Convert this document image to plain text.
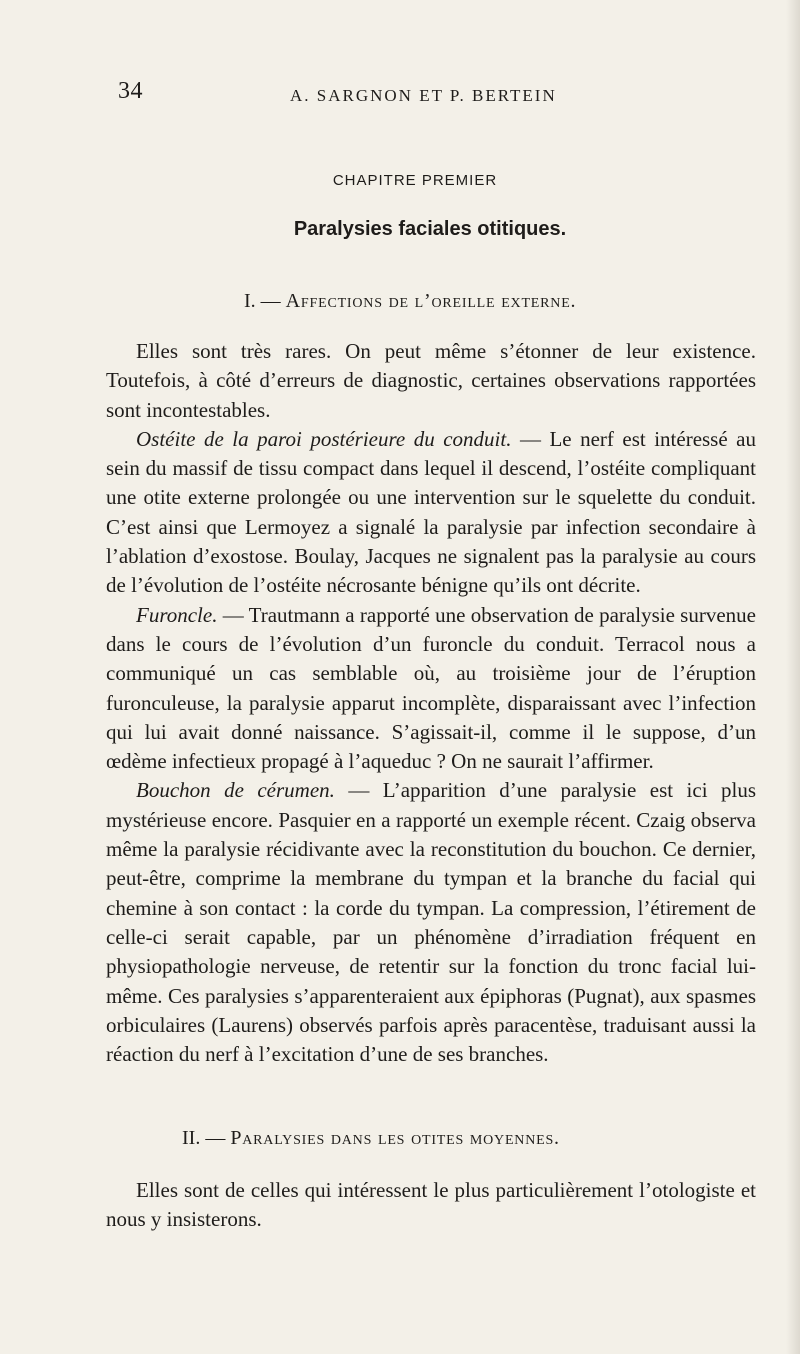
34	A. SARGNON ET P. BERTEIN
CHAPITRE PREMIER
Paralysies faciales otitiques.
I. — Affections de l’oreille externe.

Elles sont très rares. On peut même s’étonner de leur existence. Toutefois, à côté d’erreurs de diagnostic, certaines observations rapportées sont incontestables.

Ostéite de la paroi postérieure du conduit. — Le nerf est intéressé au sein du massif de tissu compact dans lequel il descend, l’ostéite compliquant une otite externe prolongée ou une intervention sur le squelette du conduit. C’est ainsi que Lermoyez a signalé la paralysie par infection secondaire à l’ablation d’exostose. Boulay, Jacques ne signalent pas la paralysie au cours de l’évolution de l’ostéite nécrosante bénigne qu’ils ont décrite.

Furoncle. — Trautmann a rapporté une observation de paralysie survenue dans le cours de l’évolution d’un furoncle du conduit. Terracol nous a communiqué un cas semblable où, au troisième jour de l’éruption furonculeuse, la paralysie apparut incomplète, disparaissant avec l’infection qui lui avait donné naissance. S’agissait-il, comme il le suppose, d’un œdème infectieux propagé à l’aqueduc ? On ne saurait l’affirmer.

Bouchon de cérumen. — L’apparition d’une paralysie est ici plus mystérieuse encore. Pasquier en a rapporté un exemple récent. Czaig observa même la paralysie récidivante avec la reconstitution du bouchon. Ce dernier, peut-être, comprime la membrane du tympan et la branche du facial qui chemine à son contact : la corde du tympan. La compression, l’étirement de celle-ci serait capable, par un phénomène d’irradiation fréquent en physiopathologie nerveuse, de retentir sur la fonction du tronc facial lui-même. Ces paralysies s’apparenteraient aux épiphoras (Pugnat), aux spasmes orbiculaires (Laurens) observés parfois après paracentèse, traduisant aussi la réaction du nerf à l’excitation d’une de ses branches.

II. — Paralysies dans les otites moyennes.

Elles sont de celles qui intéressent le plus particulièrement l’otologiste et nous y insisterons.
